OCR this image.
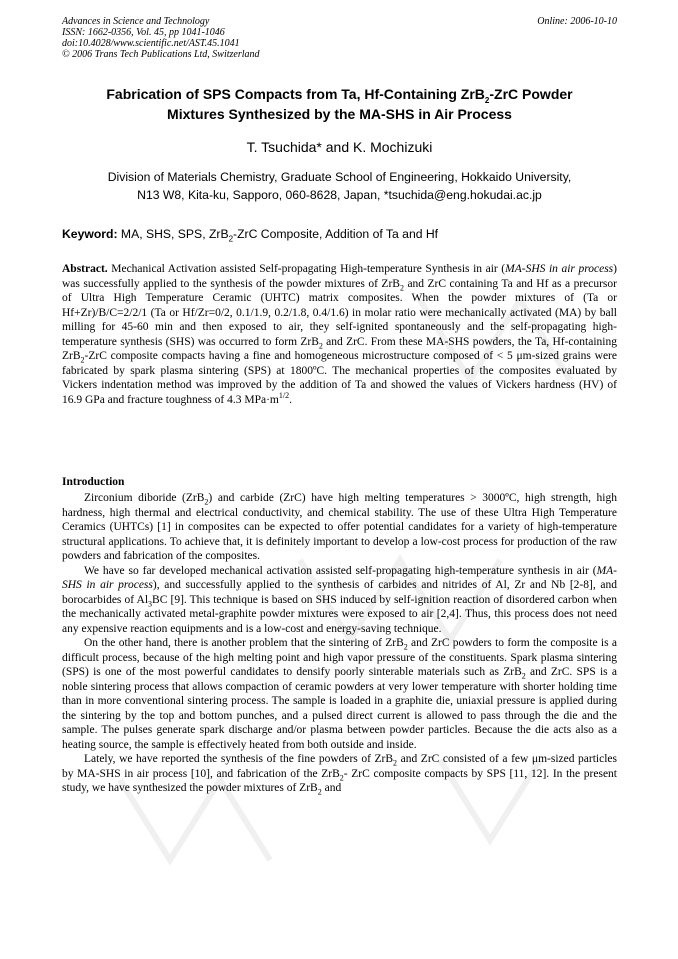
Advances in Science and Technology
ISSN: 1662-0356, Vol. 45, pp 1041-1046
doi:10.4028/www.scientific.net/AST.45.1041
© 2006 Trans Tech Publications Ltd, Switzerland
Online: 2006-10-10
Fabrication of SPS Compacts from Ta, Hf-Containing ZrB$_2$-ZrC Powder
Mixtures Synthesized by the MA-SHS in Air Process
T. Tsuchida* and K. Mochizuki
Division of Materials Chemistry, Graduate School of Engineering, Hokkaido University,
N13 W8, Kita-ku, Sapporo, 060-8628, Japan, *tsuchida@eng.hokudai.ac.jp
Keyword: MA, SHS, SPS, ZrB$_2$-ZrC Composite, Addition of Ta and Hf
Abstract. Mechanical Activation assisted Self-propagating High-temperature Synthesis in air (MA-SHS in air process) was successfully applied to the synthesis of the powder mixtures of ZrB$_2$ and ZrC containing Ta and Hf as a precursor of Ultra High Temperature Ceramic (UHTC) matrix composites. When the powder mixtures of (Ta or Hf+Zr)/B/C=2/2/1 (Ta or Hf/Zr=0/2, 0.1/1.9, 0.2/1.8, 0.4/1.6) in molar ratio were mechanically activated (MA) by ball milling for 45-60 min and then exposed to air, they self-ignited spontaneously and the self-propagating high-temperature synthesis (SHS) was occurred to form ZrB$_2$ and ZrC. From these MA-SHS powders, the Ta, Hf-containing ZrB$_2$-ZrC composite compacts having a fine and homogeneous microstructure composed of < 5 μm-sized grains were fabricated by spark plasma sintering (SPS) at 1800ºC. The mechanical properties of the composites evaluated by Vickers indentation method was improved by the addition of Ta and showed the values of Vickers hardness (HV) of 16.9 GPa and fracture toughness of 4.3 $MPa\cdot m^{1/2}$.
Introduction

Zirconium diboride (ZrB$_2$) and carbide (ZrC) have high melting temperatures > 3000ºC, high strength, high hardness, high thermal and electrical conductivity, and chemical stability. The use of these Ultra High Temperature Ceramics (UHTCs) [1] in composites can be expected to offer potential candidates for a variety of high-temperature structural applications. To achieve that, it is definitely important to develop a low-cost process for production of the raw powders and fabrication of the composites.

We have so far developed mechanical activation assisted self-propagating high-temperature synthesis in air (MA-SHS in air process), and successfully applied to the synthesis of carbides and nitrides of Al, Zr and Nb [2-8], and borocarbides of $Al_3BC$ [9]. This technique is based on SHS induced by self-ignition reaction of disordered carbon when the mechanically activated metal-graphite powder mixtures were exposed to air [2,4]. Thus, this process does not need any expensive reaction equipments and is a low-cost and energy-saving technique.

On the other hand, there is another problem that the sintering of ZrB$_2$ and ZrC powders to form the composite is a difficult process, because of the high melting point and high vapor pressure of the constituents. Spark plasma sintering (SPS) is one of the most powerful candidates to densify poorly sinterable materials such as ZrB$_2$ and ZrC. SPS is a noble sintering process that allows compaction of ceramic powders at very lower temperature with shorter holding time than in more conventional sintering process. The sample is loaded in a graphite die, uniaxial pressure is applied during the sintering by the top and bottom punches, and a pulsed direct current is allowed to pass through the die and the sample. The pulses generate spark discharge and/or plasma between powder particles. Because the die acts also as a heating source, the sample is effectively heated from both outside and inside.

Lately, we have reported the synthesis of the fine powders of ZrB$_2$ and ZrC consisted of a few μm-sized particles by MA-SHS in air process [10], and fabrication of the ZrB$_2$- ZrC composite compacts by SPS [11, 12]. In the present study, we have synthesized the powder mixtures of ZrB$_2$ and
